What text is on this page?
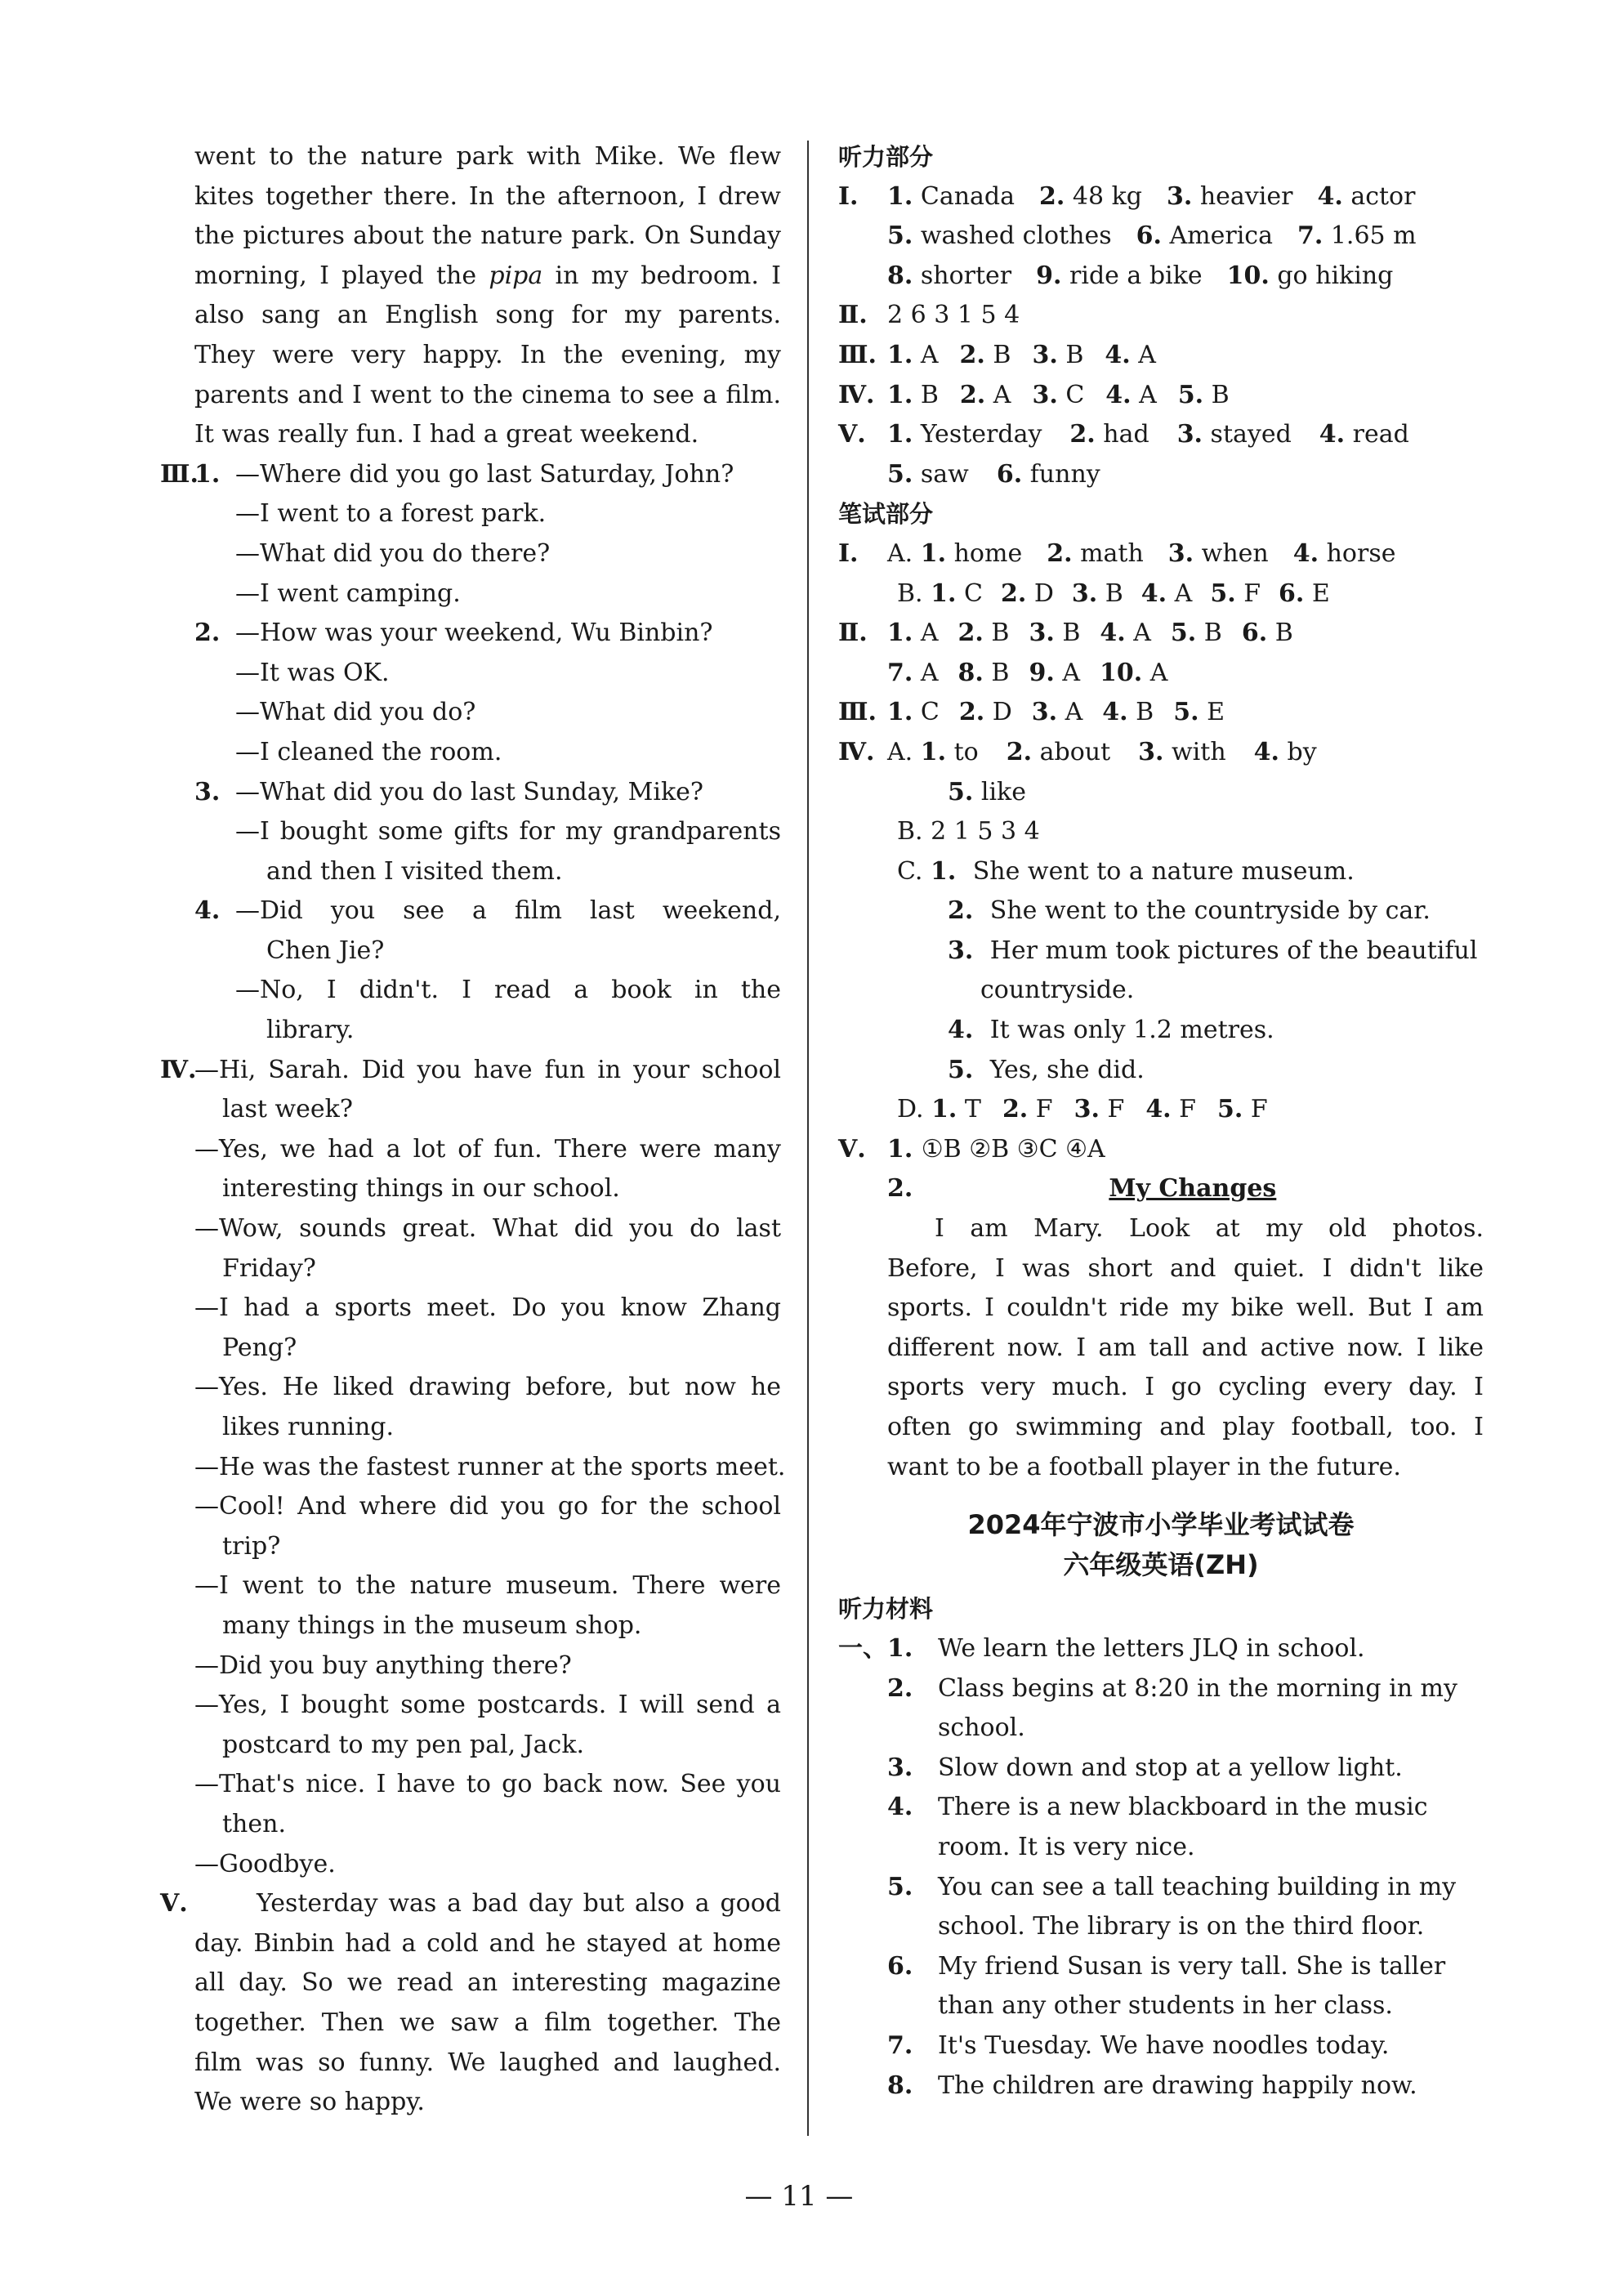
went to the nature park with Mike. We flew
kites together there. In the afternoon, I drew
the pictures about the nature park. On Sunday
morning, I played the pipa in my bedroom. I
also sang an English song for my parents.
They were very happy. In the evening, my
parents and I went to the cinema to see a film.
It was really fun. I had a great weekend.
Ⅲ.
1. —Where did you go last Saturday, John?
—I went to a forest park.
—What did you do there?
—I went camping.
2. —How was your weekend, Wu Binbin?
—It was OK.
—What did you do?
—I cleaned the room.
3. —What did you do last Sunday, Mike?
—I bought some gifts for my grandparents
and then I visited them.
4. —Did you see a film last weekend,
Chen Jie?
—No, I didn't. I read a book in the
library.
Ⅳ.
—Hi, Sarah. Did you have fun in your school
last week?
—Yes, we had a lot of fun. There were many
interesting things in our school.
—Wow, sounds great. What did you do last
Friday?
—I had a sports meet. Do you know Zhang
Peng?
—Yes. He liked drawing before, but now he
likes running.
—He was the fastest runner at the sports meet.
—Cool! And where did you go for the school
trip?
—I went to the nature museum. There were
many things in the museum shop.
—Did you buy anything there?
—Yes, I bought some postcards. I will send a
postcard to my pen pal, Jack.
—That's nice. I have to go back now. See you
then.
—Goodbye.
Ⅴ.	Yesterday was a bad day but also a good
day. Binbin had a cold and he stayed at home
all day. So we read an interesting magazine
together. Then we saw a film together. The
film was so funny. We laughed and laughed.
We were so happy.
听力部分
Ⅰ. 1. Canada 2. 48 kg 3. heavier 4. actor
5. washed clothes 6. America 7. 1.65 m
8. shorter 9. ride a bike 10. go hiking
Ⅱ. 2 6 3 1 5 4
Ⅲ. 1. A 2. B 3. B 4. A
Ⅳ. 1. B 2. A 3. C 4. A 5. B
Ⅴ. 1. Yesterday 2. had 3. stayed 4. read
5. saw 6. funny
笔试部分
Ⅰ. A. 1. home 2. math 3. when 4. horse
B. 1. C 2. D 3. B 4. A 5. F 6. E
Ⅱ. 1. A 2. B 3. B 4. A 5. B 6. B
7. A 8. B 9. A 10. A
Ⅲ. 1. C 2. D 3. A 4. B 5. E
Ⅳ. A. 1. to 2. about 3. with 4. by
5. like
B. 2 1 5 3 4
C. 1. She went to a nature museum.
2. She went to the countryside by car.
3. Her mum took pictures of the beautiful
countryside.
4. It was only 1.2 metres.
5. Yes, she did.
D. 1. T 2. F 3. F 4. F 5. F
Ⅴ. 1. ①B ②B ③C ④A
2.	My Changes
I am Mary. Look at my old photos.
Before, I was short and quiet. I didn't like
sports. I couldn't ride my bike well. But I am
different now. I am tall and active now. I like
sports very much. I go cycling every day. I
often go swimming and play football, too. I
want to be a football player in the future.
2024年宁波市小学毕业考试试卷
六年级英语(ZH)
听力材料
一、 1. We learn the letters JLQ in school.
2. Class begins at 8:20 in the morning in my
school.
3. Slow down and stop at a yellow light.
4. There is a new blackboard in the music
room. It is very nice.
5. You can see a tall teaching building in my
school. The library is on the third floor.
6. My friend Susan is very tall. She is taller
than any other students in her class.
7. It's Tuesday. We have noodles today.
8. The children are drawing happily now.
— 11 —
